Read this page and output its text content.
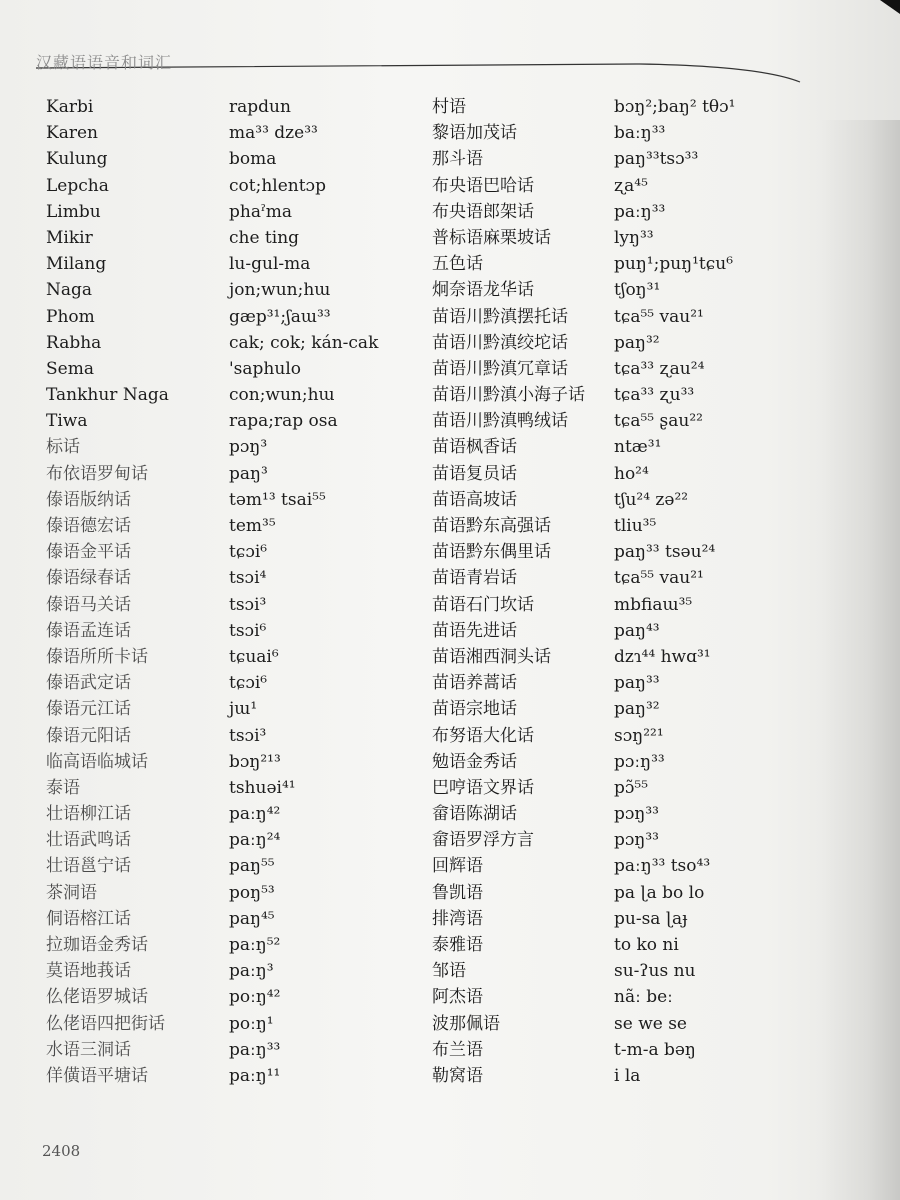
汉藏语语音和词汇
Karbi
Karen
Kulung
Lepcha
Limbu
Mikir
Milang
Naga
Phom
Rabha
Sema
Tankhur Naga
Tiwa
标话
布依语罗甸话
傣语版纳话
傣语德宏话
傣语金平话
傣语绿春话
傣语马关话
傣语孟连话
傣语所所卡话
傣语武定话
傣语元江话
傣语元阳话
临高语临城话
泰语
壮语柳江话
壮语武鸣话
壮语邕宁话
茶洞语
侗语榕江话
拉珈语金秀话
莫语地莪话
仫佬语罗城话
仫佬语四把街话
水语三洞话
佯僙语平塘话
rapdun
ma³³ dze³³
boma
cot;hlentɔp
phaˀma
che ting
lu-gul-ma
jon;wun;hɯ
gæp³¹;ʃaɯ³³
cak; cok; kán-cak
'saphulo
con;wun;hɯ
rapa;rap osa
pɔŋ³
paŋ³
təm¹³ tsai⁵⁵
tem³⁵
tɕɔi⁶
tsɔi⁴
tsɔi³
tsɔi⁶
tɕuai⁶
tɕɔi⁶
jɯ¹
tsɔi³
bɔŋ²¹³
tshuəi⁴¹
paːŋ⁴²
paːŋ²⁴
paŋ⁵⁵
poŋ⁵³
paŋ⁴⁵
paːŋ⁵²
paːŋ³
poːŋ⁴²
poːŋ¹
paːŋ³³
paːŋ¹¹
村语
黎语加茂话
那斗语
布央语巴哈话
布央语郎架话
普标语麻栗坡话
五色话
炯奈语龙华话
苗语川黔滇摆托话
苗语川黔滇绞坨话
苗语川黔滇冗章话
苗语川黔滇小海子话
苗语川黔滇鸭绒话
苗语枫香话
苗语复员话
苗语高坡话
苗语黔东高强话
苗语黔东偶里话
苗语青岩话
苗语石门坎话
苗语先进话
苗语湘西洞头话
苗语养蒿话
苗语宗地话
布努语大化话
勉语金秀话
巴哼语文界话
畲语陈湖话
畲语罗浮方言
回辉语
鲁凯语
排湾语
泰雅语
邹语
阿杰语
波那佩语
布兰语
勒窝语
bɔŋ²;baŋ² tθɔ¹
baːŋ³³
paŋ³³tsɔ³³
ʐa⁴⁵
paːŋ³³
lyŋ³³
puŋ¹;puŋ¹tɕu⁶
tʃoŋ³¹
tɕa⁵⁵ vau²¹
paŋ³²
tɕa³³ ʐau²⁴
tɕa³³ ʐu³³
tɕa⁵⁵ ʂau²²
ntæ³¹
ho²⁴
tʃu²⁴ zə²²
tliu³⁵
paŋ³³ tsəu²⁴
tɕa⁵⁵ vau²¹
mbfiaɯ³⁵
paŋ⁴³
dzɿ⁴⁴ hwɑ³¹
paŋ³³
paŋ³²
sɔŋ²²¹
pɔːŋ³³
pɔ̃⁵⁵
pɔŋ³³
pɔŋ³³
paːŋ³³ tso⁴³
pa ɭa bo lo
pu-sa ɭaɟ
to ko ni
su-ʔus nu
nãː beː
se we se
t-m-a bəŋ
i la
2408
